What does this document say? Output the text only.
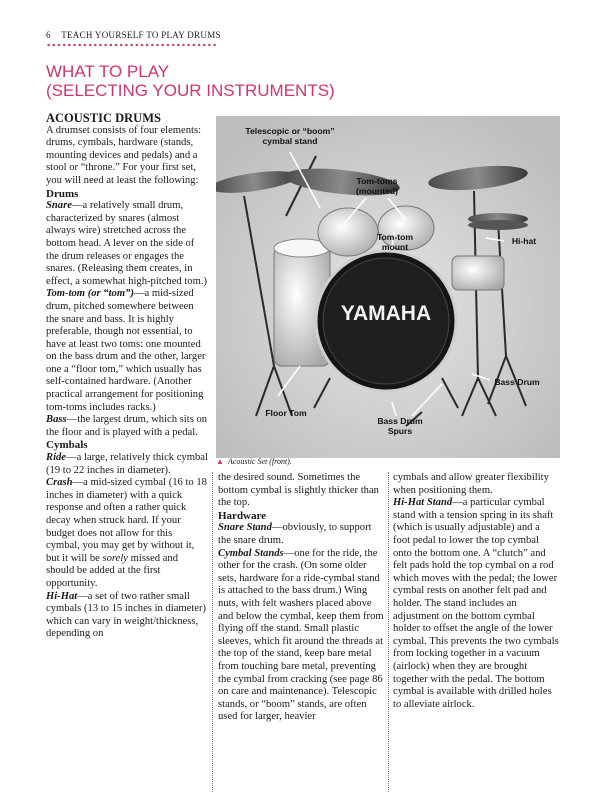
6 TEACH YOURSELF TO PLAY DRUMS
WHAT TO PLAY
(SELECTING YOUR INSTRUMENTS)

ACOUSTIC DRUMS

A drumset consists of four elements: drums, cymbals, hardware (stands, mounting devices and pedals) and a stool or “throne.” For your first set, you will need at least the following:

Drums

Snare—a relatively small drum, characterized by snares (almost always wire) stretched across the bottom head. A lever on the side of the drum releases or engages the snares. (Releasing them creates, in effect, a somewhat high-pitched tom.)

Tom-tom (or “tom”)—a mid-sized drum, pitched somewhere between the snare and bass. It is highly preferable, though not essential, to have at least two toms: one mounted on the bass drum and the other, larger one a “floor tom,” which usually has self-contained hardware. (Another practical arrangement for positioning tom-toms includes racks.)

Bass—the largest drum, which sits on the floor and is played with a pedal.

Cymbals

Ride—a large, relatively thick cymbal (19 to 22 inches in diameter).

Crash—a mid-sized cymbal (16 to 18 inches in diameter) with a quick response and often a rather quick decay when struck hard. If your budget does not allow for this cymbal, you may get by without it, but it will be sorely missed and should be added at the first opportunity.

Hi-Hat—a set of two rather small cymbals (13 to 15 inches in diameter) which can vary in weight/thickness, depending on

YAMAHA
Telescopic or “boom”
cymbal stand
Tom-toms
(mounted)
Tom-tom
mount
Hi-hat
Bass Drum
Floor Tom
Bass Drum
Spurs
▲ Acoustic Set (front).

the desired sound. Sometimes the bottom cymbal is slightly thicker than the top.

Hardware

Snare Stand—obviously, to support the snare drum.

Cymbal Stands—one for the ride, the other for the crash. (On some older sets, hardware for a ride-cymbal stand is attached to the bass drum.) Wing nuts, with felt washers placed above and below the cymbal, keep them from flying off the stand. Small plastic sleeves, which fit around the threads at the top of the stand, keep bare metal from touching bare metal, preventing the cymbal from cracking (see page 86 on care and maintenance). Telescopic stands, or “boom” stands, are often used for larger, heavier

cymbals and allow greater flexibility when positioning them.

Hi-Hat Stand—a particular cymbal stand with a tension spring in its shaft (which is usually adjustable) and a foot pedal to lower the top cymbal onto the bottom one. A “clutch” and felt pads hold the top cymbal on a rod which moves with the pedal; the lower cymbal rests on another felt pad and holder. The stand includes an adjustment on the bottom cymbal holder to offset the angle of the lower cymbal. This prevents the two cymbals from locking together in a vacuum (airlock) when they are brought together with the pedal. The bottom cymbal is available with drilled holes to alleviate airlock.
